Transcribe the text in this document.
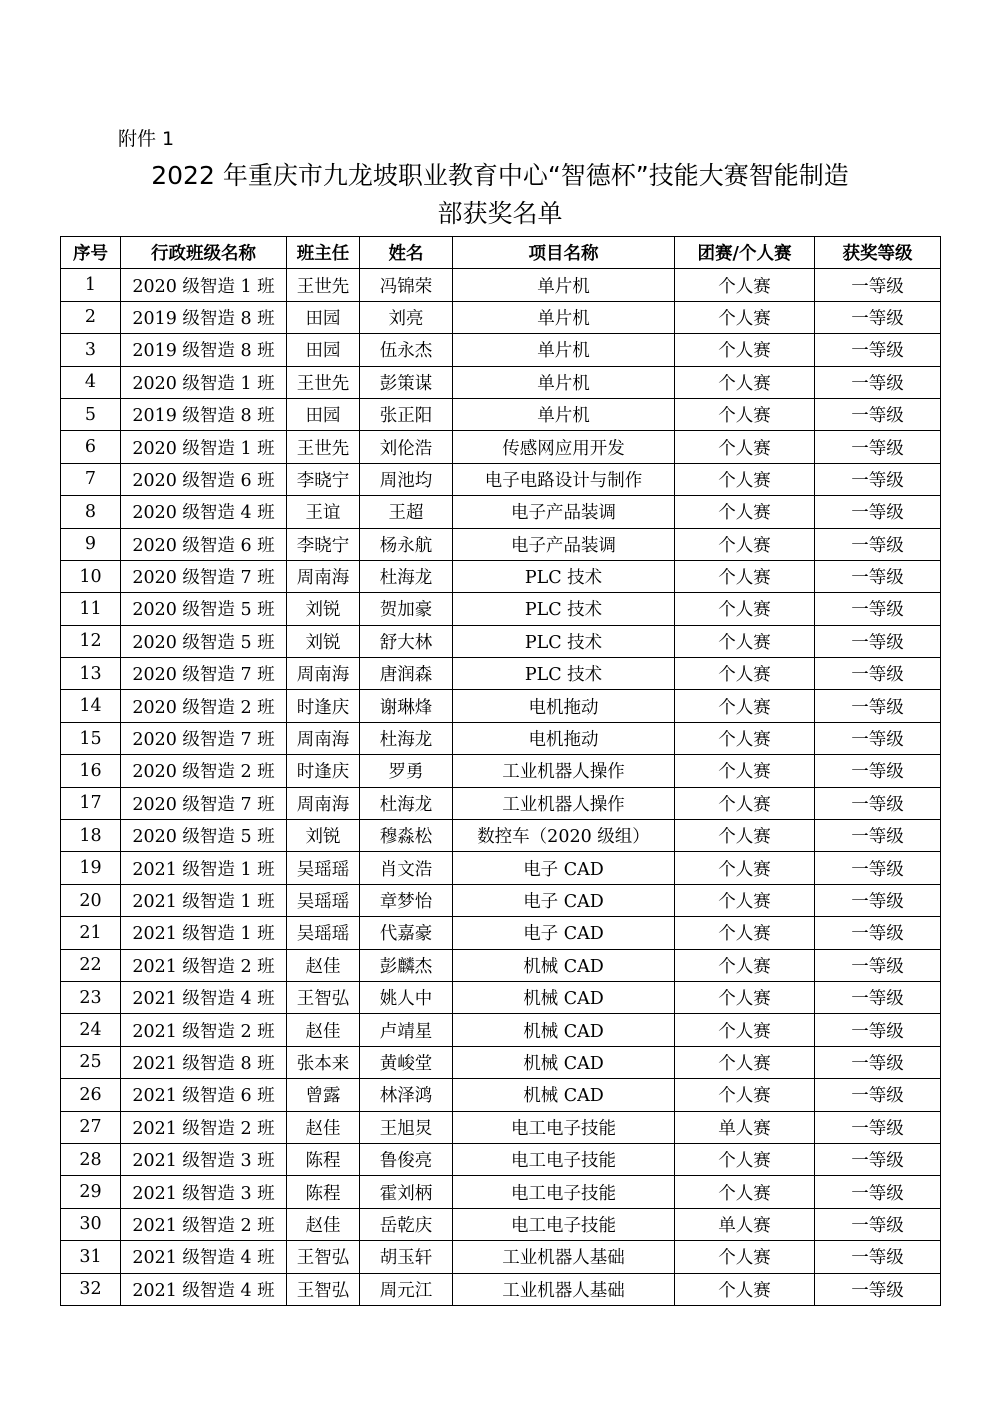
附件 1
2022 年重庆市九龙坡职业教育中心“智德杯”技能大赛智能制造
部获奖名单
序号	行政班级名称	班主任	姓名	项目名称	团赛/个人赛	获奖等级
1	2020 级智造 1 班	王世先	冯锦荣	单片机	个人赛	一等级
2	2019 级智造 8 班	田园	刘亮	单片机	个人赛	一等级
3	2019 级智造 8 班	田园	伍永杰	单片机	个人赛	一等级
4	2020 级智造 1 班	王世先	彭策谋	单片机	个人赛	一等级
5	2019 级智造 8 班	田园	张正阳	单片机	个人赛	一等级
6	2020 级智造 1 班	王世先	刘伦浩	传感网应用开发	个人赛	一等级
7	2020 级智造 6 班	李晓宁	周池均	电子电路设计与制作	个人赛	一等级
8	2020 级智造 4 班	王谊	王超	电子产品装调	个人赛	一等级
9	2020 级智造 6 班	李晓宁	杨永航	电子产品装调	个人赛	一等级
10	2020 级智造 7 班	周南海	杜海龙	PLC 技术	个人赛	一等级
11	2020 级智造 5 班	刘锐	贺加豪	PLC 技术	个人赛	一等级
12	2020 级智造 5 班	刘锐	舒大林	PLC 技术	个人赛	一等级
13	2020 级智造 7 班	周南海	唐润森	PLC 技术	个人赛	一等级
14	2020 级智造 2 班	时逢庆	谢琳烽	电机拖动	个人赛	一等级
15	2020 级智造 7 班	周南海	杜海龙	电机拖动	个人赛	一等级
16	2020 级智造 2 班	时逢庆	罗勇	工业机器人操作	个人赛	一等级
17	2020 级智造 7 班	周南海	杜海龙	工业机器人操作	个人赛	一等级
18	2020 级智造 5 班	刘锐	穆淼松	数控车（2020 级组）	个人赛	一等级
19	2021 级智造 1 班	吴瑶瑶	肖文浩	电子 CAD	个人赛	一等级
20	2021 级智造 1 班	吴瑶瑶	章梦怡	电子 CAD	个人赛	一等级
21	2021 级智造 1 班	吴瑶瑶	代嘉豪	电子 CAD	个人赛	一等级
22	2021 级智造 2 班	赵佳	彭麟杰	机械 CAD	个人赛	一等级
23	2021 级智造 4 班	王智弘	姚人中	机械 CAD	个人赛	一等级
24	2021 级智造 2 班	赵佳	卢靖星	机械 CAD	个人赛	一等级
25	2021 级智造 8 班	张本来	黄峻堂	机械 CAD	个人赛	一等级
26	2021 级智造 6 班	曾露	林泽鸿	机械 CAD	个人赛	一等级
27	2021 级智造 2 班	赵佳	王旭炅	电工电子技能	单人赛	一等级
28	2021 级智造 3 班	陈程	鲁俊亮	电工电子技能	个人赛	一等级
29	2021 级智造 3 班	陈程	霍刘柄	电工电子技能	个人赛	一等级
30	2021 级智造 2 班	赵佳	岳乾庆	电工电子技能	单人赛	一等级
31	2021 级智造 4 班	王智弘	胡玉轩	工业机器人基础	个人赛	一等级
32	2021 级智造 4 班	王智弘	周元江	工业机器人基础	个人赛	一等级
